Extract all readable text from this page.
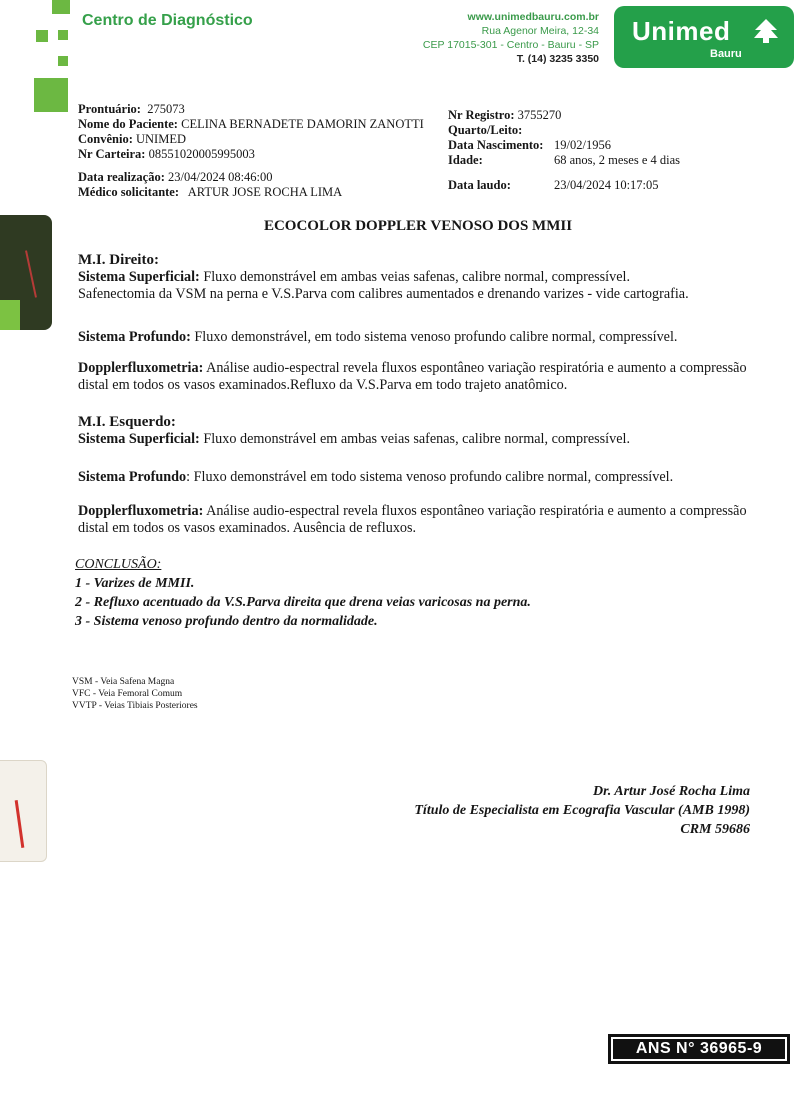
Centro de Diagnóstico	www.unimedbauru.com.br
Rua Agenor Meira, 12-34
CEP 17015-301 - Centro - Bauru - SP
T. (14) 3235 3350
Unimed
Bauru
Prontuário: 275073
Nome do Paciente: CELINA BERNADETE DAMORIN ZANOTTI
Convênio: UNIMED
Nr Carteira: 08551020005995003
Data realização: 23/04/2024 08:46:00
Médico solicitante: ARTUR JOSE ROCHA LIMA
Nr Registro: 3755270
Quarto/Leito:
Data Nascimento: 19/02/1956
Idade:	68 anos, 2 meses e 4 dias
Data laudo:	23/04/2024 10:17:05
ECOCOLOR DOPPLER VENOSO DOS MMII
M.I. Direito:
Sistema Superficial: Fluxo demonstrável em ambas veias safenas, calibre normal, compressível.
Safenectomia da VSM na perna e V.S.Parva com calibres aumentados e drenando varizes - vide cartografia.
Sistema Profundo: Fluxo demonstrável, em todo sistema venoso profundo calibre normal, compressível.
Dopplerfluxometria: Análise audio-espectral revela fluxos espontâneo variação respiratória e aumento a compressão distal em todos os vasos examinados.Refluxo da V.S.Parva em todo trajeto anatômico.
M.I. Esquerdo:
Sistema Superficial: Fluxo demonstrável em ambas veias safenas, calibre normal, compressível.
Sistema Profundo: Fluxo demonstrável em todo sistema venoso profundo calibre normal, compressível.
Dopplerfluxometria: Análise audio-espectral revela fluxos espontâneo variação respiratória e aumento a compressão distal em todos os vasos examinados. Ausência de refluxos.
CONCLUSÃO:
1 - Varizes de MMII.
2 - Refluxo acentuado da V.S.Parva direita que drena veias varicosas na perna.
3 - Sistema venoso profundo dentro da normalidade.
VSM - Veia Safena Magna
VFC - Veia Femoral Comum
VVTP - Veias Tibiais Posteriores
Dr. Artur José Rocha Lima
Título de Especialista em Ecografia Vascular (AMB 1998)
CRM 59686
ANS N° 36965-9
